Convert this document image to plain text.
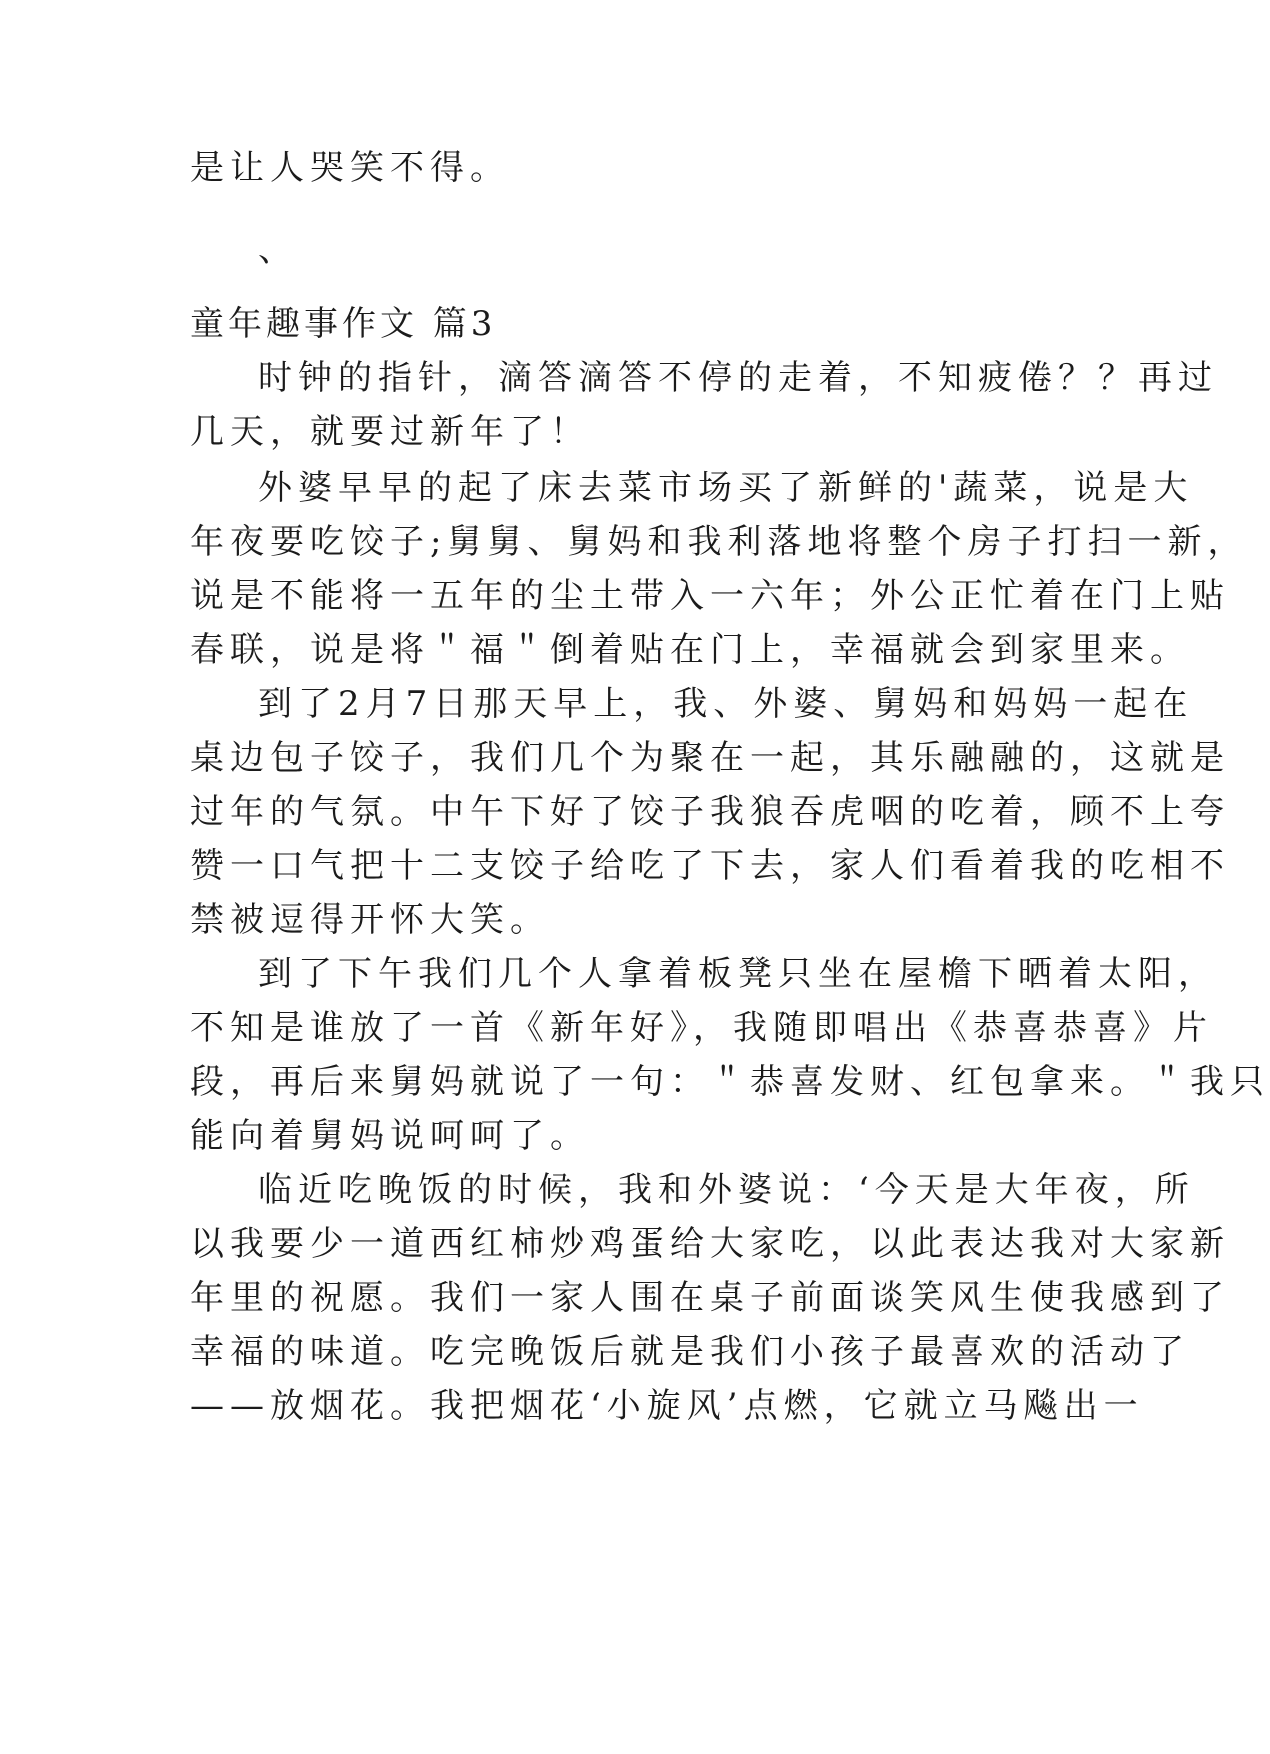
是让人哭笑不得。
、
童年趣事作文 篇3
时钟的指针，滴答滴答不停的走着，不知疲倦？？再过
几天，就要过新年了！
外婆早早的起了床去菜市场买了新鲜的'蔬菜，说是大
年夜要吃饺子;舅舅、舅妈和我利落地将整个房子打扫一新，
说是不能将一五年的尘土带入一六年；外公正忙着在门上贴
春联，说是将＂福＂倒着贴在门上，幸福就会到家里来。
到了2月7日那天早上，我、外婆、舅妈和妈妈一起在
桌边包子饺子，我们几个为聚在一起，其乐融融的，这就是
过年的气氛。中午下好了饺子我狼吞虎咽的吃着，顾不上夸
赞一口气把十二支饺子给吃了下去，家人们看着我的吃相不
禁被逗得开怀大笑。
到了下午我们几个人拿着板凳只坐在屋檐下晒着太阳，
不知是谁放了一首《新年好》，我随即唱出《恭喜恭喜》片
段，再后来舅妈就说了一句：＂恭喜发财、红包拿来。＂我只
能向着舅妈说呵呵了。
临近吃晚饭的时候，我和外婆说：‘今天是大年夜，所
以我要少一道西红柿炒鸡蛋给大家吃，以此表达我对大家新
年里的祝愿。我们一家人围在桌子前面谈笑风生使我感到了
幸福的味道。吃完晚饭后就是我们小孩子最喜欢的活动了
——放烟花。我把烟花‘小旋风’点燃，它就立马飚出一
